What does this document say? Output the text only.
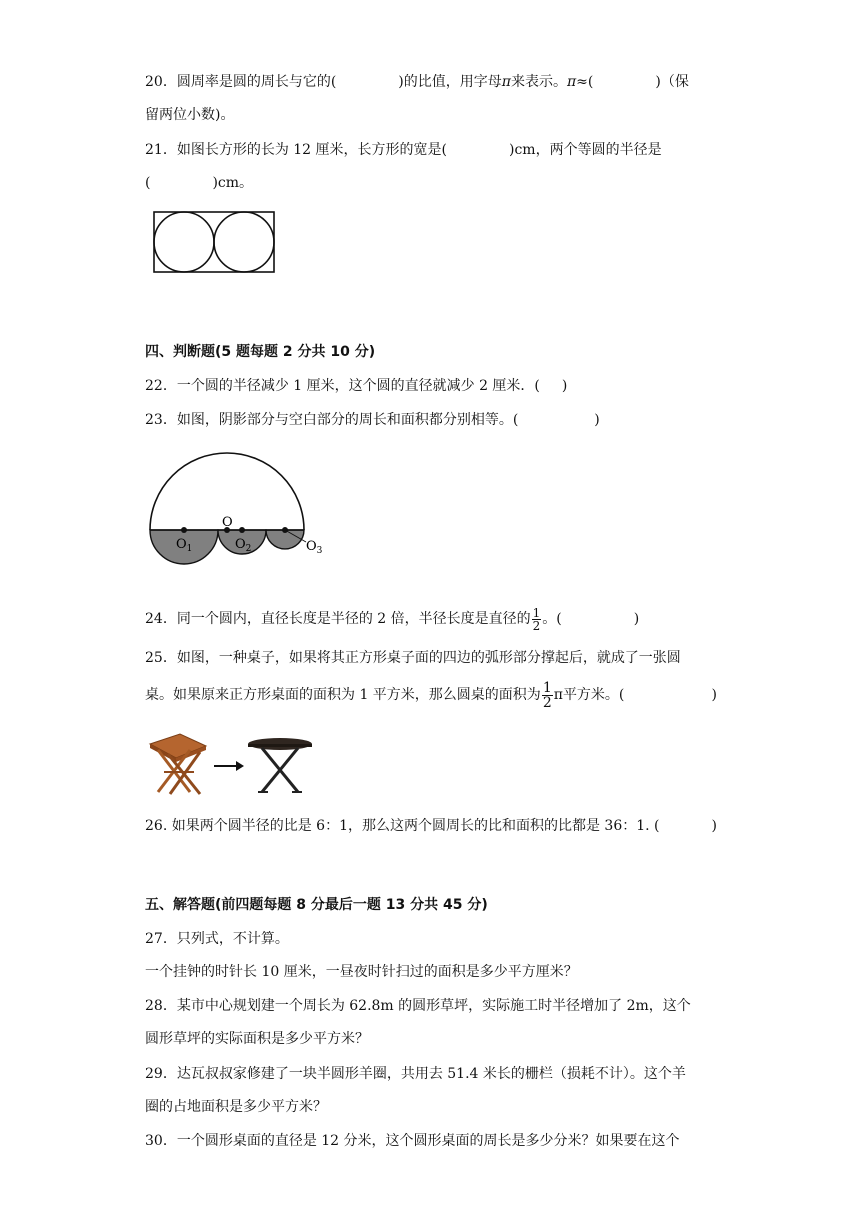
20．圆周率是圆的周长与它的(	)的比值，用字母π来表示。π≈(	)（保
留两位小数)。
21．如图长方形的长为 12 厘米，长方形的宽是(	)cm，两个等圆的半径是
(	)cm。
四、判断题(5 题每题 2 分共 10 分)
22．一个圆的半径减少 1 厘米，这个圆的直径就减少 2 厘米．( )
23．如图，阴影部分与空白部分的周长和面积都分别相等。(	)
O
$O_1$	$O_2$	$O_3$
24．同一个圆内，直径长度是半径的 2 倍，半径长度是直径的 $\frac{1}{2}$ 。(	)
25．如图，一种桌子，如果将其正方形桌子面的四边的弧形部分撑起后，就成了一张圆
桌。如果原来正方形桌面的面积为 1 平方米，那么圆桌的面积为 $\frac{1}{2}$ π平方米。(	)
26. 如果两个圆半径的比是 6：1，那么这两个圆周长的比和面积的比都是 36：1. (	)
五、解答题(前四题每题 8 分最后一题 13 分共 45 分)
27．只列式，不计算。
一个挂钟的时针长 10 厘米，一昼夜时针扫过的面积是多少平方厘米？
28．某市中心规划建一个周长为 62.8m 的圆形草坪，实际施工时半径增加了 2m，这个
圆形草坪的实际面积是多少平方米？
29．达瓦叔叔家修建了一块半圆形羊圈，共用去 51.4 米长的栅栏（损耗不计）。这个羊
圈的占地面积是多少平方米？
30．一个圆形桌面的直径是 12 分米，这个圆形桌面的周长是多少分米？如果要在这个
